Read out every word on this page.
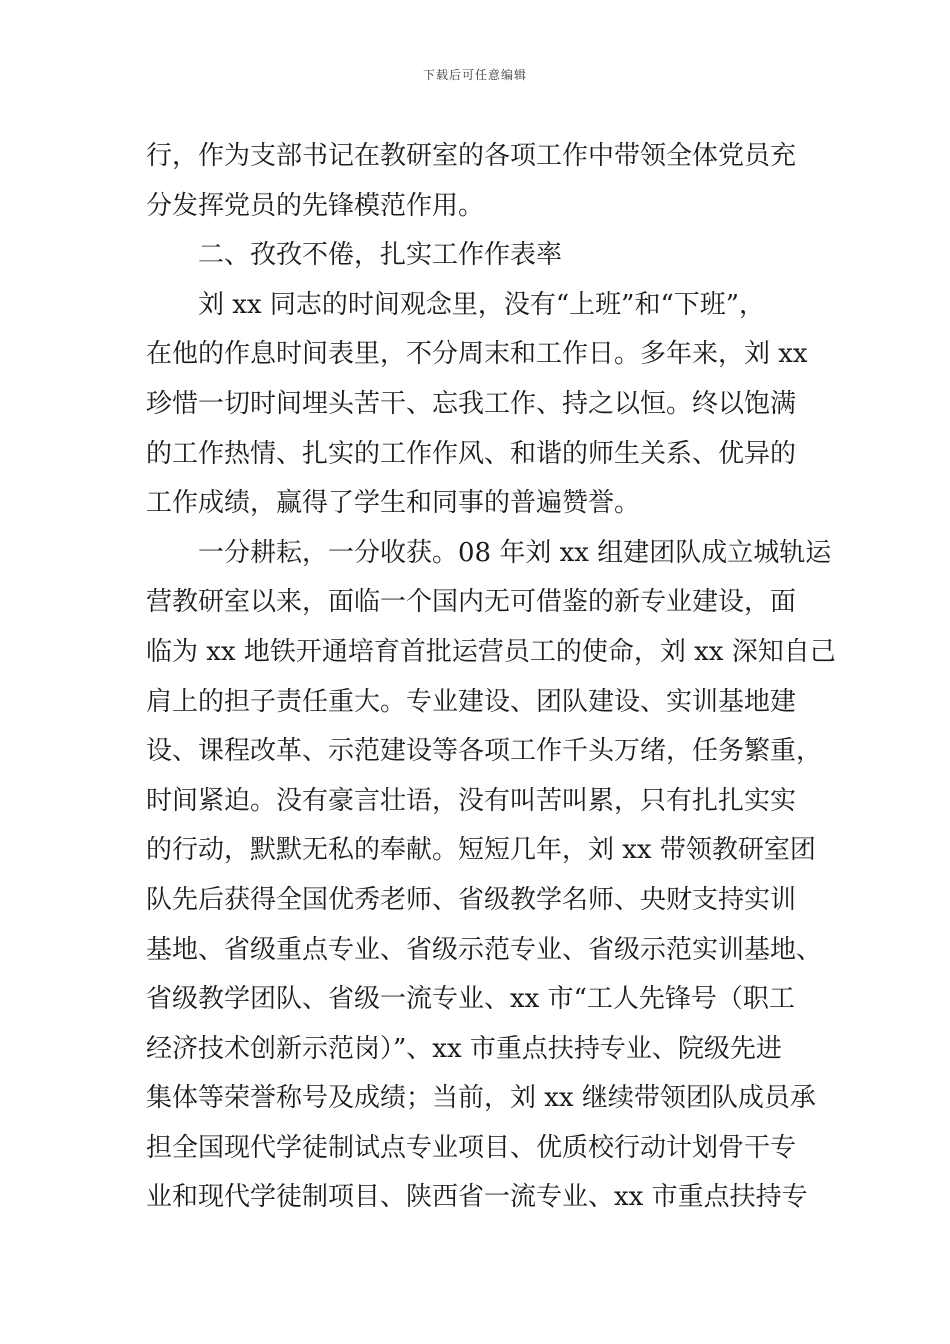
下载后可任意编辑
行，作为支部书记在教研室的各项工作中带领全体党员充
分发挥党员的先锋模范作用。
二、孜孜不倦，扎实工作作表率
刘 xx 同志的时间观念里，没有“上班”和“下班”，
在他的作息时间表里，不分周末和工作日。多年来，刘 xx
珍惜一切时间埋头苦干、忘我工作、持之以恒。终以饱满
的工作热情、扎实的工作作风、和谐的师生关系、优异的
工作成绩，赢得了学生和同事的普遍赞誉。
一分耕耘，一分收获。08 年刘 xx 组建团队成立城轨运
营教研室以来，面临一个国内无可借鉴的新专业建设，面
临为 xx 地铁开通培育首批运营员工的使命，刘 xx 深知自己
肩上的担子责任重大。专业建设、团队建设、实训基地建
设、课程改革、示范建设等各项工作千头万绪，任务繁重，
时间紧迫。没有豪言壮语，没有叫苦叫累，只有扎扎实实
的行动，默默无私的奉献。短短几年，刘 xx 带领教研室团
队先后获得全国优秀老师、省级教学名师、央财支持实训
基地、省级重点专业、省级示范专业、省级示范实训基地、
省级教学团队、省级一流专业、xx 市“工人先锋号（职工
经济技术创新示范岗）”、xx 市重点扶持专业、院级先进
集体等荣誉称号及成绩；当前，刘 xx 继续带领团队成员承
担全国现代学徒制试点专业项目、优质校行动计划骨干专
业和现代学徒制项目、陕西省一流专业、xx 市重点扶持专
